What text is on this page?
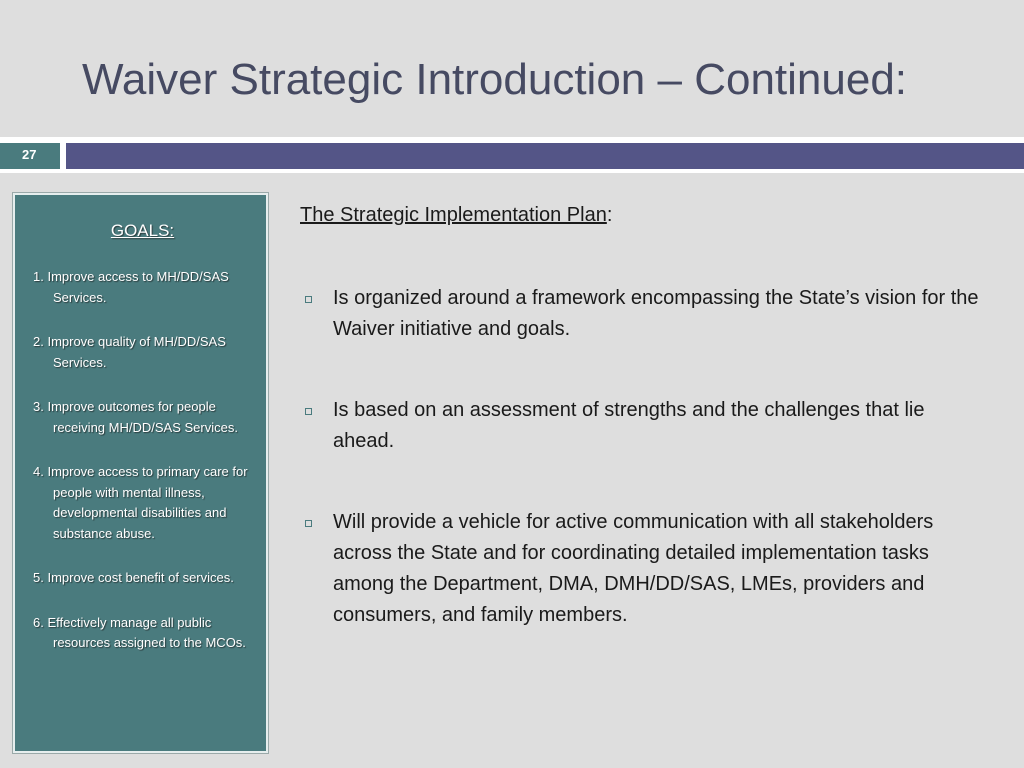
Waiver Strategic Introduction – Continued:
27
GOALS:
1. Improve access to MH/DD/SAS Services.
2. Improve quality of MH/DD/SAS Services.
3. Improve outcomes for people receiving MH/DD/SAS Services.
4. Improve access to primary care for people with mental illness, developmental disabilities and substance abuse.
5. Improve cost benefit of services.
6. Effectively manage all public resources assigned to the MCOs.
The Strategic Implementation Plan:
Is organized around a framework encompassing the State’s vision for the Waiver initiative and goals.
Is based on an assessment of strengths and the challenges that lie ahead.
Will provide a vehicle for active communication with all stakeholders across the State and for coordinating detailed implementation tasks among the Department, DMA, DMH/DD/SAS, LMEs, providers and consumers, and family members.
